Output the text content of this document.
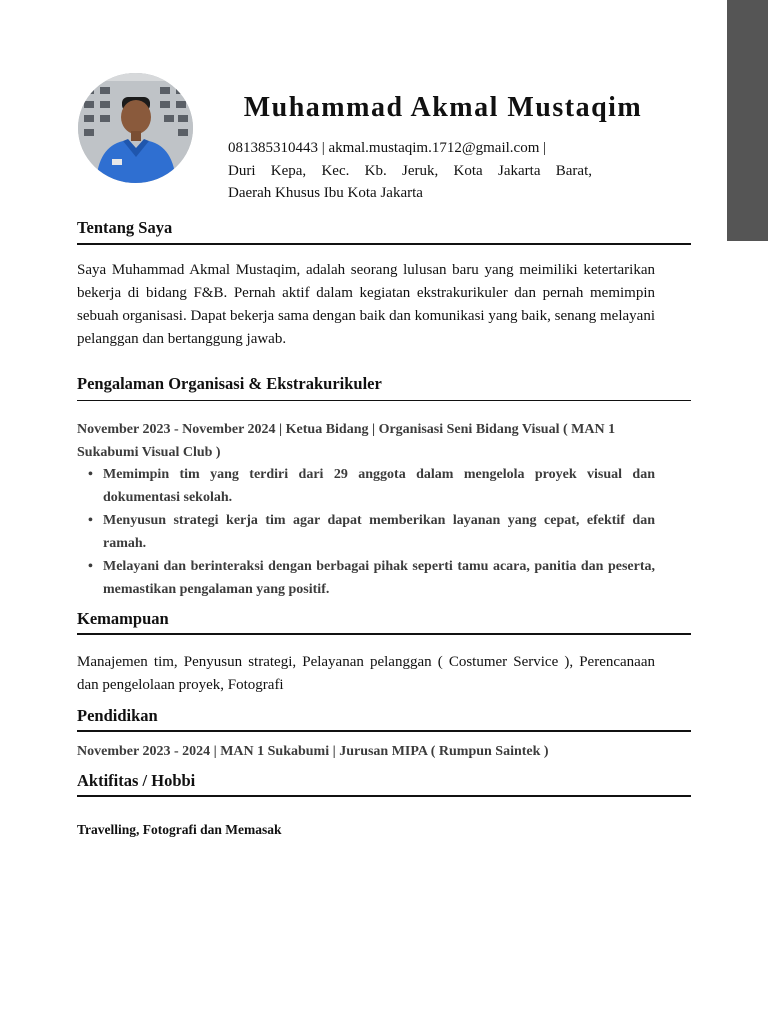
Muhammad Akmal Mustaqim
081385310443 | akmal.mustaqim.1712@gmail.com |
Duri Kepa, Kec. Kb. Jeruk, Kota Jakarta Barat,
Daerah Khusus Ibu Kota Jakarta
Tentang Saya
Saya Muhammad Akmal Mustaqim, adalah seorang lulusan baru yang meimiliki ketertarikan bekerja di bidang F&B. Pernah aktif dalam kegiatan ekstrakurikuler dan pernah memimpin sebuah organisasi. Dapat bekerja sama dengan baik dan komunikasi yang baik, senang melayani pelanggan dan bertanggung jawab.
Pengalaman Organisasi & Ekstrakurikuler
November 2023 - November 2024 | Ketua Bidang | Organisasi Seni Bidang Visual ( MAN 1 Sukabumi Visual Club )
• Memimpin tim yang terdiri dari 29 anggota dalam mengelola proyek visual dan dokumentasi sekolah.
• Menyusun strategi kerja tim agar dapat memberikan layanan yang cepat, efektif dan ramah.
• Melayani dan berinteraksi dengan berbagai pihak seperti tamu acara, panitia dan peserta, memastikan pengalaman yang positif.
Kemampuan
Manajemen tim, Penyusun strategi, Pelayanan pelanggan ( Costumer Service ), Perencanaan dan pengelolaan proyek, Fotografi
Pendidikan
November 2023 - 2024 | MAN 1 Sukabumi | Jurusan MIPA ( Rumpun Saintek )
Aktifitas / Hobbi
Travelling, Fotografi dan Memasak
